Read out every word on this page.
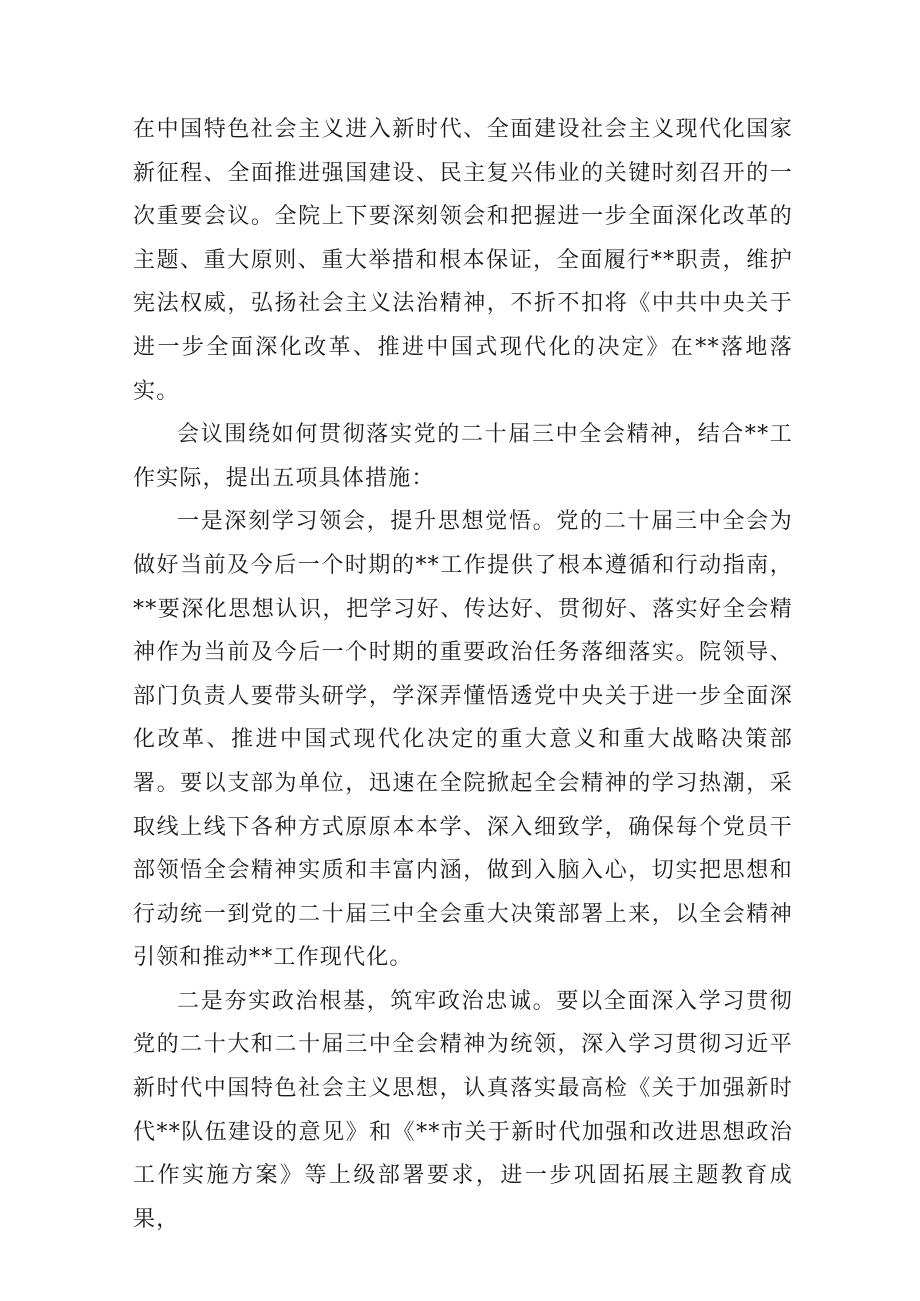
在中国特色社会主义进入新时代、全面建设社会主义现代化国家新征程、全面推进强国建设、民主复兴伟业的关键时刻召开的一次重要会议。全院上下要深刻领会和把握进一步全面深化改革的主题、重大原则、重大举措和根本保证，全面履行**职责，维护宪法权威，弘扬社会主义法治精神，不折不扣将《中共中央关于进一步全面深化改革、推进中国式现代化的决定》在**落地落实。

会议围绕如何贯彻落实党的二十届三中全会精神，结合**工作实际，提出五项具体措施：

一是深刻学习领会，提升思想觉悟。党的二十届三中全会为做好当前及今后一个时期的**工作提供了根本遵循和行动指南，**要深化思想认识，把学习好、传达好、贯彻好、落实好全会精神作为当前及今后一个时期的重要政治任务落细落实。院领导、部门负责人要带头研学，学深弄懂悟透党中央关于进一步全面深化改革、推进中国式现代化决定的重大意义和重大战略决策部署。要以支部为单位，迅速在全院掀起全会精神的学习热潮，采取线上线下各种方式原原本本学、深入细致学，确保每个党员干部领悟全会精神实质和丰富内涵，做到入脑入心，切实把思想和行动统一到党的二十届三中全会重大决策部署上来，以全会精神引领和推动**工作现代化。

二是夯实政治根基，筑牢政治忠诚。要以全面深入学习贯彻党的二十大和二十届三中全会精神为统领，深入学习贯彻习近平新时代中国特色社会主义思想，认真落实最高检《关于加强新时代**队伍建设的意见》和《**市关于新时代加强和改进思想政治工作实施方案》等上级部署要求，进一步巩固拓展主题教育成果，
